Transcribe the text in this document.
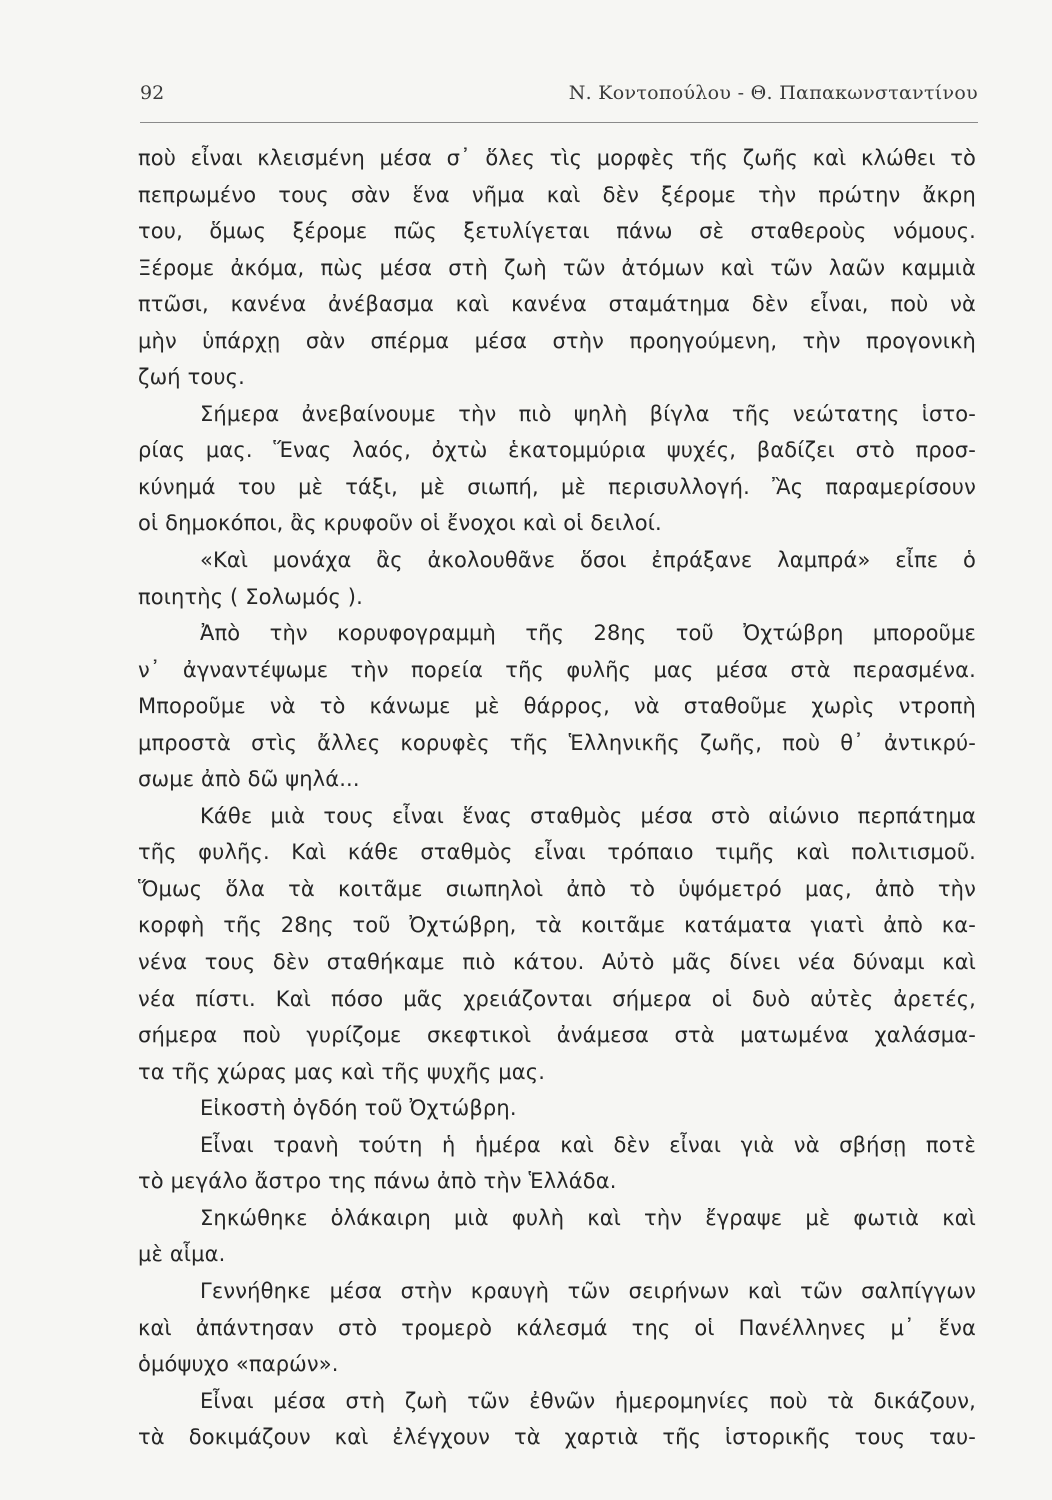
92	Ν. Κοντοπούλου - Θ. Παπακωνσταντίνου
ποὺ εἶναι κλεισμένη μέσα σ᾽ ὅλες τὶς μορφὲς τῆς ζωῆς καὶ κλώθει τὸ
πεπρωμένο τους σὰν ἕνα νῆμα καὶ δὲν ξέρομε τὴν πρώτην ἄκρη
του, ὅμως ξέρομε πῶς ξετυλίγεται πάνω σὲ σταθεροὺς νόμους.
Ξέρομε ἀκόμα, πὼς μέσα στὴ ζωὴ τῶν ἀτόμων καὶ τῶν λαῶν καμμιὰ
πτῶσι, κανένα ἀνέβασμα καὶ κανένα σταμάτημα δὲν εἶναι, ποὺ νὰ
μὴν ὑπάρχῃ σὰν σπέρμα μέσα στὴν προηγούμενη, τὴν προγονικὴ
ζωή τους.
Σήμερα ἀνεβαίνουμε τὴν πιὸ ψηλὴ βίγλα τῆς νεώτατης ἱστο-
ρίας μας. Ἕνας λαός, ὀχτὼ ἑκατομμύρια ψυχές, βαδίζει στὸ προσ-
κύνημά του μὲ τάξι, μὲ σιωπή, μὲ περισυλλογή. Ἂς παραμερίσουν
οἱ δημοκόποι, ἂς κρυφοῦν οἱ ἔνοχοι καὶ οἱ δειλοί.
«Καὶ μονάχα ἂς ἀκολουθᾶνε ὅσοι ἐπράξανε λαμπρά» εἶπε ὁ
ποιητὴς ( Σολωμός ).
Ἀπὸ τὴν κορυφογραμμὴ τῆς 28ης τοῦ Ὀχτώβρη μποροῦμε
ν᾽ ἀγναντέψωμε τὴν πορεία τῆς φυλῆς μας μέσα στὰ περασμένα.
Μποροῦμε νὰ τὸ κάνωμε μὲ θάρρος, νὰ σταθοῦμε χωρὶς ντροπὴ
μπροστὰ στὶς ἄλλες κορυφὲς τῆς Ἑλληνικῆς ζωῆς, ποὺ θ᾽ ἀντικρύ-
σωμε ἀπὸ δῶ ψηλά...
Κάθε μιὰ τους εἶναι ἕνας σταθμὸς μέσα στὸ αἰώνιο περπάτημα
τῆς φυλῆς. Καὶ κάθε σταθμὸς εἶναι τρόπαιο τιμῆς καὶ πολιτισμοῦ.
Ὅμως ὅλα τὰ κοιτᾶμε σιωπηλοὶ ἀπὸ τὸ ὑψόμετρό μας, ἀπὸ τὴν
κορφὴ τῆς 28ης τοῦ Ὀχτώβρη, τὰ κοιτᾶμε κατάματα γιατὶ ἀπὸ κα-
νένα τους δὲν σταθήκαμε πιὸ κάτου. Αὐτὸ μᾶς δίνει νέα δύναμι καὶ
νέα πίστι. Καὶ πόσο μᾶς χρειάζονται σήμερα οἱ δυὸ αὐτὲς ἀρετές,
σήμερα ποὺ γυρίζομε σκεφτικοὶ ἀνάμεσα στὰ ματωμένα χαλάσμα-
τα τῆς χώρας μας καὶ τῆς ψυχῆς μας.
Εἰκοστὴ ὀγδόη τοῦ Ὀχτώβρη.
Εἶναι τρανὴ τούτη ἡ ἡμέρα καὶ δὲν εἶναι γιὰ νὰ σβήσῃ ποτὲ
τὸ μεγάλο ἄστρο της πάνω ἀπὸ τὴν Ἑλλάδα.
Σηκώθηκε ὁλάκαιρη μιὰ φυλὴ καὶ τὴν ἔγραψε μὲ φωτιὰ καὶ
μὲ αἷμα.
Γεννήθηκε μέσα στὴν κραυγὴ τῶν σειρήνων καὶ τῶν σαλπίγγων
καὶ ἀπάντησαν στὸ τρομερὸ κάλεσμά της οἱ Πανέλληνες μ᾽ ἕνα
ὁμόψυχο «παρών».
Εἶναι μέσα στὴ ζωὴ τῶν ἐθνῶν ἡμερομηνίες ποὺ τὰ δικάζουν,
τὰ δοκιμάζουν καὶ ἐλέγχουν τὰ χαρτιὰ τῆς ἱστορικῆς τους ταυ-
